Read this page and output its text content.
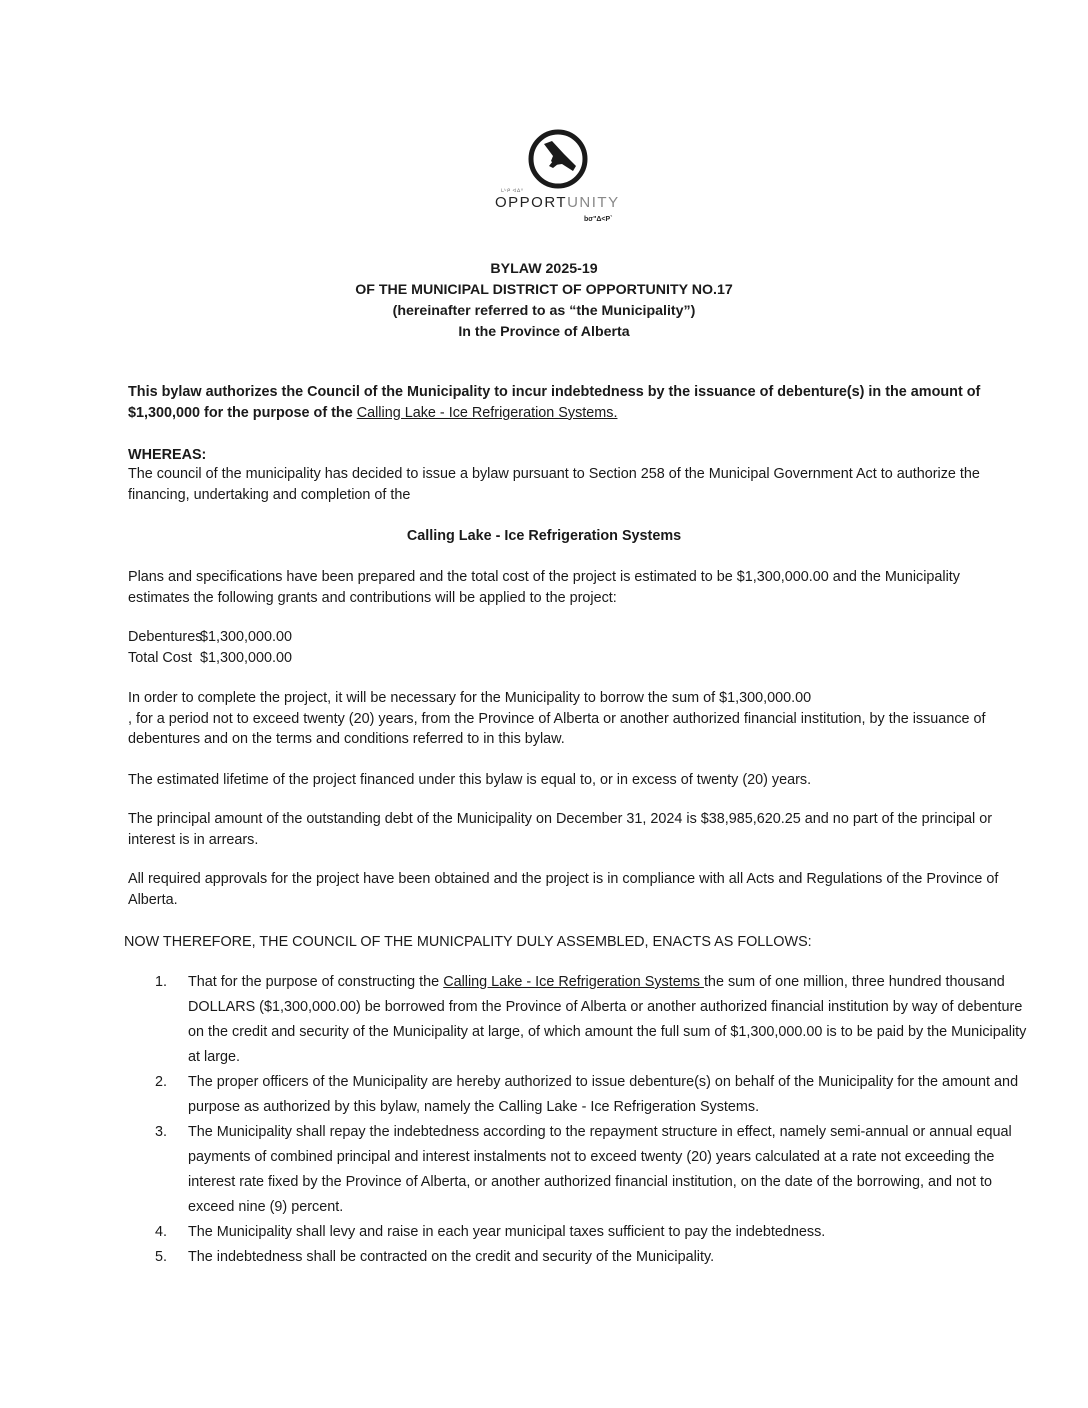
ᒪᒡᑭ ᐊᐃᐦ
OPPORTUNITY
bσ"Δ<P`
BYLAW 2025-19
OF THE MUNICIPAL DISTRICT OF OPPORTUNITY NO.17
(hereinafter referred to as “the Municipality”)
In the Province of Alberta
This bylaw authorizes the Council of the Municipality to incur indebtedness by the issuance of debenture(s) in the amount of $1,300,000 for the purpose of the Calling Lake - Ice Refrigeration Systems.
WHEREAS:
The council of the municipality has decided to issue a bylaw pursuant to Section 258 of the Municipal Government Act to authorize the financing, undertaking and completion of the
Calling Lake - Ice Refrigeration Systems
Plans and specifications have been prepared and the total cost of the project is estimated to be $1,300,000.00 and the Municipality estimates the following grants and contributions will be applied to the project:
Debentures$1,300,000.00
Total Cost $1,300,000.00
In order to complete the project, it will be necessary for the Municipality to borrow the sum of $1,300,000.00
, for a period not to exceed twenty (20) years, from the Province of Alberta or another authorized financial institution, by the issuance of debentures and on the terms and conditions referred to in this bylaw.
The estimated lifetime of the project financed under this bylaw is equal to, or in excess of twenty (20) years.
The principal amount of the outstanding debt of the Municipality on December 31, 2024 is $38,985,620.25 and no part of the principal or interest is in arrears.
All required approvals for the project have been obtained and the project is in compliance with all Acts and Regulations of the Province of Alberta.
NOW THEREFORE, THE COUNCIL OF THE MUNICPALITY DULY ASSEMBLED, ENACTS AS FOLLOWS:
1. That for the purpose of constructing the Calling Lake - Ice Refrigeration Systems the sum of one million, three hundred thousand DOLLARS ($1,300,000.00) be borrowed from the Province of Alberta or another authorized financial institution by way of debenture on the credit and security of the Municipality at large, of which amount the full sum of $1,300,000.00 is to be paid by the Municipality at large.
2. The proper officers of the Municipality are hereby authorized to issue debenture(s) on behalf of the Municipality for the amount and purpose as authorized by this bylaw, namely the Calling Lake - Ice Refrigeration Systems.
3. The Municipality shall repay the indebtedness according to the repayment structure in effect, namely semi-annual or annual equal payments of combined principal and interest instalments not to exceed twenty (20) years calculated at a rate not exceeding the interest rate fixed by the Province of Alberta, or another authorized financial institution, on the date of the borrowing, and not to exceed nine (9) percent.
4. The Municipality shall levy and raise in each year municipal taxes sufficient to pay the indebtedness.
5. The indebtedness shall be contracted on the credit and security of the Municipality.
